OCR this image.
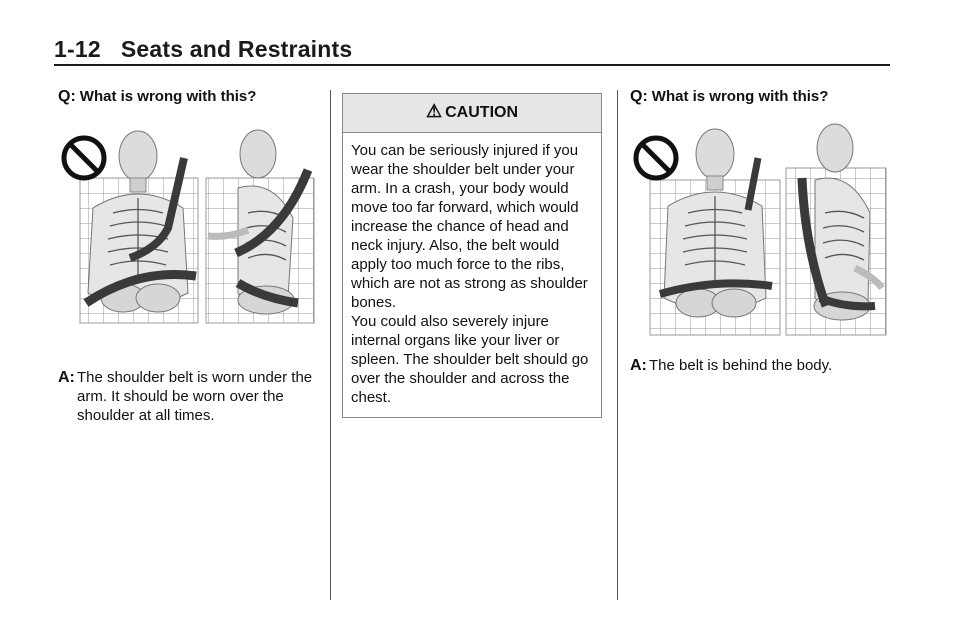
1-12 Seats and Restraints
Q: What is wrong with this?
A: The shoulder belt is worn under the arm. It should be worn over the shoulder at all times.
⚠ CAUTION

You can be seriously injured if you wear the shoulder belt under your arm. In a crash, your body would move too far forward, which would increase the chance of head and neck injury. Also, the belt would apply too much force to the ribs, which are not as strong as shoulder bones.

You could also severely injure internal organs like your liver or spleen. The shoulder belt should go over the shoulder and across the chest.

Q: What is wrong with this?
A: The belt is behind the body.
